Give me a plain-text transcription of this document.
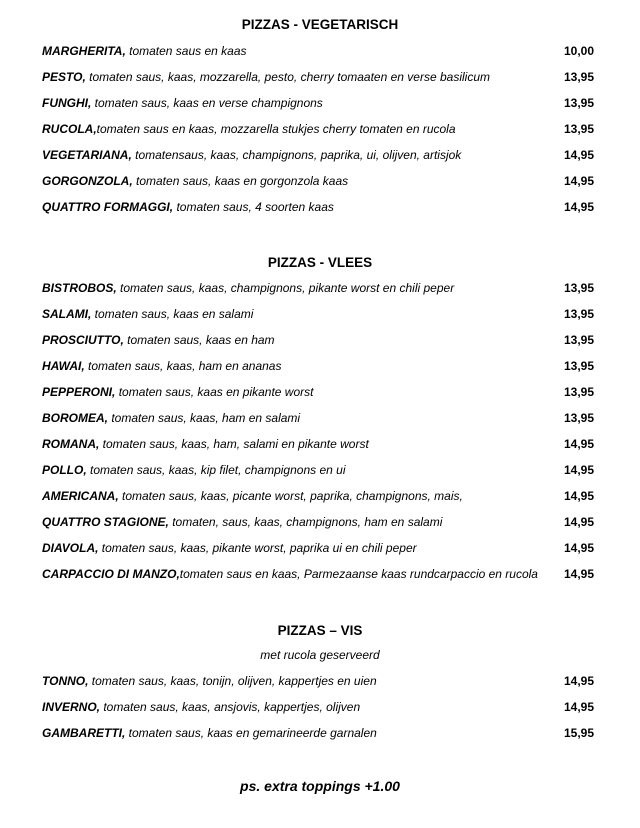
PIZZAS - VEGETARISCH
MARGHERITA, tomaten saus en kaas	10,00
PESTO, tomaten saus, kaas, mozzarella, pesto, cherry tomaaten en verse basilicum	13,95
FUNGHI, tomaten saus, kaas en verse champignons	13,95
RUCOLA,tomaten saus en kaas, mozzarella stukjes cherry tomaten en rucola	13,95
VEGETARIANA, tomatensaus, kaas, champignons, paprika, ui, olijven, artisjok	14,95
GORGONZOLA, tomaten saus, kaas en gorgonzola kaas	14,95
QUATTRO FORMAGGI, tomaten saus, 4 soorten kaas	14,95
PIZZAS - VLEES
BISTROBOS, tomaten saus, kaas, champignons, pikante worst en chili peper	13,95
SALAMI, tomaten saus, kaas en salami	13,95
PROSCIUTTO, tomaten saus, kaas en ham	13,95
HAWAI, tomaten saus, kaas, ham en ananas	13,95
PEPPERONI, tomaten saus, kaas en pikante worst	13,95
BOROMEA, tomaten saus, kaas, ham en salami	13,95
ROMANA, tomaten saus, kaas, ham, salami en pikante worst	14,95
POLLO, tomaten saus, kaas, kip filet, champignons en ui	14,95
AMERICANA, tomaten saus, kaas, picante worst, paprika, champignons, mais,	14,95
QUATTRO STAGIONE, tomaten, saus, kaas, champignons, ham en salami	14,95
DIAVOLA, tomaten saus, kaas, pikante worst, paprika ui en chili peper	14,95
CARPACCIO DI MANZO,tomaten saus en kaas, Parmezaanse kaas rundcarpaccio en rucola 14,95
PIZZAS – VIS
met rucola geserveerd
TONNO, tomaten saus, kaas, tonijn, olijven, kappertjes en uien	14,95
INVERNO, tomaten saus, kaas, ansjovis, kappertjes, olijven	14,95
GAMBARETTI, tomaten saus, kaas en gemarineerde garnalen	15,95
ps. extra toppings +1.00
